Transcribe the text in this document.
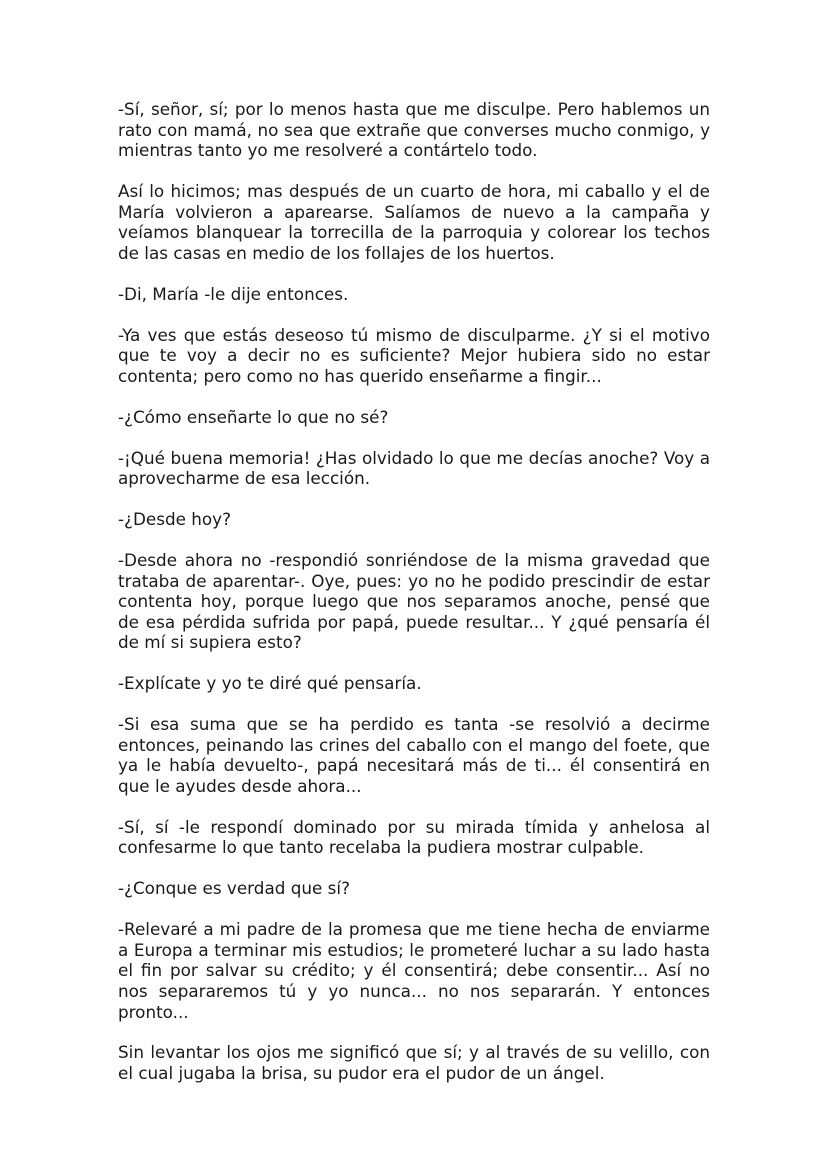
-Sí, señor, sí; por lo menos hasta que me disculpe. Pero hablemos un rato con mamá, no sea que extrañe que converses mucho conmigo, y mientras tanto yo me resolveré a contártelo todo.

Así lo hicimos; mas después de un cuarto de hora, mi caballo y el de María volvieron a aparearse. Salíamos de nuevo a la campaña y veíamos blanquear la torrecilla de la parroquia y colorear los techos de las casas en medio de los follajes de los huertos.

-Di, María -le dije entonces.

-Ya ves que estás deseoso tú mismo de disculparme. ¿Y si el motivo que te voy a decir no es suficiente? Mejor hubiera sido no estar contenta; pero como no has querido enseñarme a fingir...

-¿Cómo enseñarte lo que no sé?

-¡Qué buena memoria! ¿Has olvidado lo que me decías anoche? Voy a aprovecharme de esa lección.

-¿Desde hoy?

-Desde ahora no -respondió sonriéndose de la misma gravedad que trataba de aparentar-. Oye, pues: yo no he podido prescindir de estar contenta hoy, porque luego que nos separamos anoche, pensé que de esa pérdida sufrida por papá, puede resultar... Y ¿qué pensaría él de mí si supiera esto?

-Explícate y yo te diré qué pensaría.

-Si esa suma que se ha perdido es tanta -se resolvió a decirme entonces, peinando las crines del caballo con el mango del foete, que ya le había devuelto-, papá necesitará más de ti... él consentirá en que le ayudes desde ahora...

-Sí, sí -le respondí dominado por su mirada tímida y anhelosa al confesarme lo que tanto recelaba la pudiera mostrar culpable.

-¿Conque es verdad que sí?

-Relevaré a mi padre de la promesa que me tiene hecha de enviarme a Europa a terminar mis estudios; le prometeré luchar a su lado hasta el fin por salvar su crédito; y él consentirá; debe consentir... Así no nos separaremos tú y yo nunca... no nos separarán. Y entonces pronto...

Sin levantar los ojos me significó que sí; y al través de su velillo, con el cual jugaba la brisa, su pudor era el pudor de un ángel.
